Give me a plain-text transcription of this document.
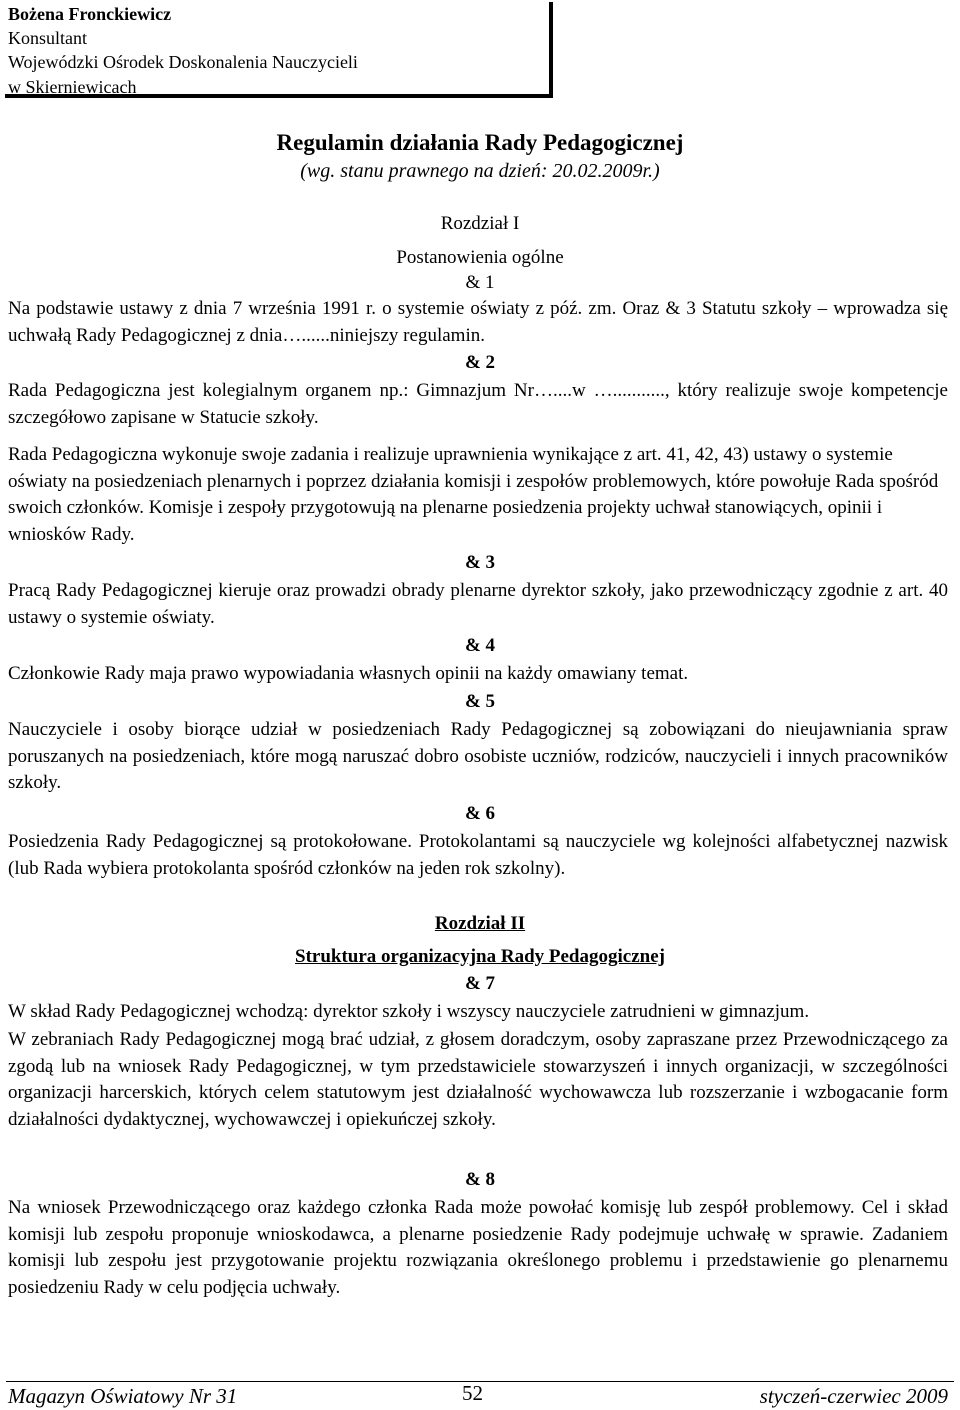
Bożena Fronckiewicz
Konsultant
Wojewódzki Ośrodek Doskonalenia Nauczycieli
w Skierniewicach
Regulamin działania Rady Pedagogicznej
(wg. stanu prawnego na dzień: 20.02.2009r.)
Rozdział I
Postanowienia ogólne
& 1
Na podstawie ustawy z dnia 7 września 1991 r. o systemie oświaty z póź. zm. Oraz & 3 Statutu szkoły – wprowadza się uchwałą Rady Pedagogicznej z dnia…......niniejszy regulamin.
& 2
Rada Pedagogiczna jest kolegialnym organem np.: Gimnazjum Nr…....w …..........., który realizuje swoje kompetencje szczegółowo zapisane w Statucie szkoły.
Rada Pedagogiczna wykonuje swoje zadania i realizuje uprawnienia wynikające z art. 41, 42, 43) ustawy o systemie oświaty na posiedzeniach plenarnych i poprzez działania komisji i zespołów problemowych, które powołuje Rada spośród swoich członków. Komisje i zespoły przygotowują na plenarne posiedzenia projekty uchwał stanowiących, opinii i wniosków Rady.
& 3
Pracą Rady Pedagogicznej kieruje oraz prowadzi obrady plenarne dyrektor szkoły, jako przewodniczący zgodnie z art. 40 ustawy o systemie oświaty.
& 4
Członkowie Rady maja prawo wypowiadania własnych opinii na każdy omawiany temat.
& 5
Nauczyciele i osoby biorące udział w posiedzeniach Rady Pedagogicznej są zobowiązani do nieujawniania spraw poruszanych na posiedzeniach, które mogą naruszać dobro osobiste uczniów, rodziców, nauczycieli i innych pracowników szkoły.
& 6
Posiedzenia Rady Pedagogicznej są protokołowane. Protokolantami są nauczyciele wg kolejności alfabetycznej nazwisk (lub Rada wybiera protokolanta spośród członków na jeden rok szkolny).
Rozdział II
Struktura organizacyjna Rady Pedagogicznej
& 7
W skład Rady Pedagogicznej wchodzą: dyrektor szkoły i wszyscy nauczyciele zatrudnieni w gimnazjum.
W zebraniach Rady Pedagogicznej mogą brać udział, z głosem doradczym, osoby zapraszane przez Przewodniczącego za zgodą lub na wniosek Rady Pedagogicznej, w tym przedstawiciele stowarzyszeń i innych organizacji, w szczególności organizacji harcerskich, których celem statutowym jest działalność wychowawcza lub rozszerzanie i wzbogacanie form działalności dydaktycznej, wychowawczej i opiekuńczej szkoły.
& 8
Na wniosek Przewodniczącego oraz każdego członka Rada może powołać komisję lub zespół problemowy. Cel i skład komisji lub zespołu proponuje wnioskodawca, a plenarne posiedzenie Rady podejmuje uchwałę w sprawie. Zadaniem komisji lub zespołu jest przygotowanie projektu rozwiązania określonego problemu i przedstawienie go plenarnemu posiedzeniu Rady w celu podjęcia uchwały.
Magazyn Oświatowy Nr 31	52	styczeń-czerwiec 2009
